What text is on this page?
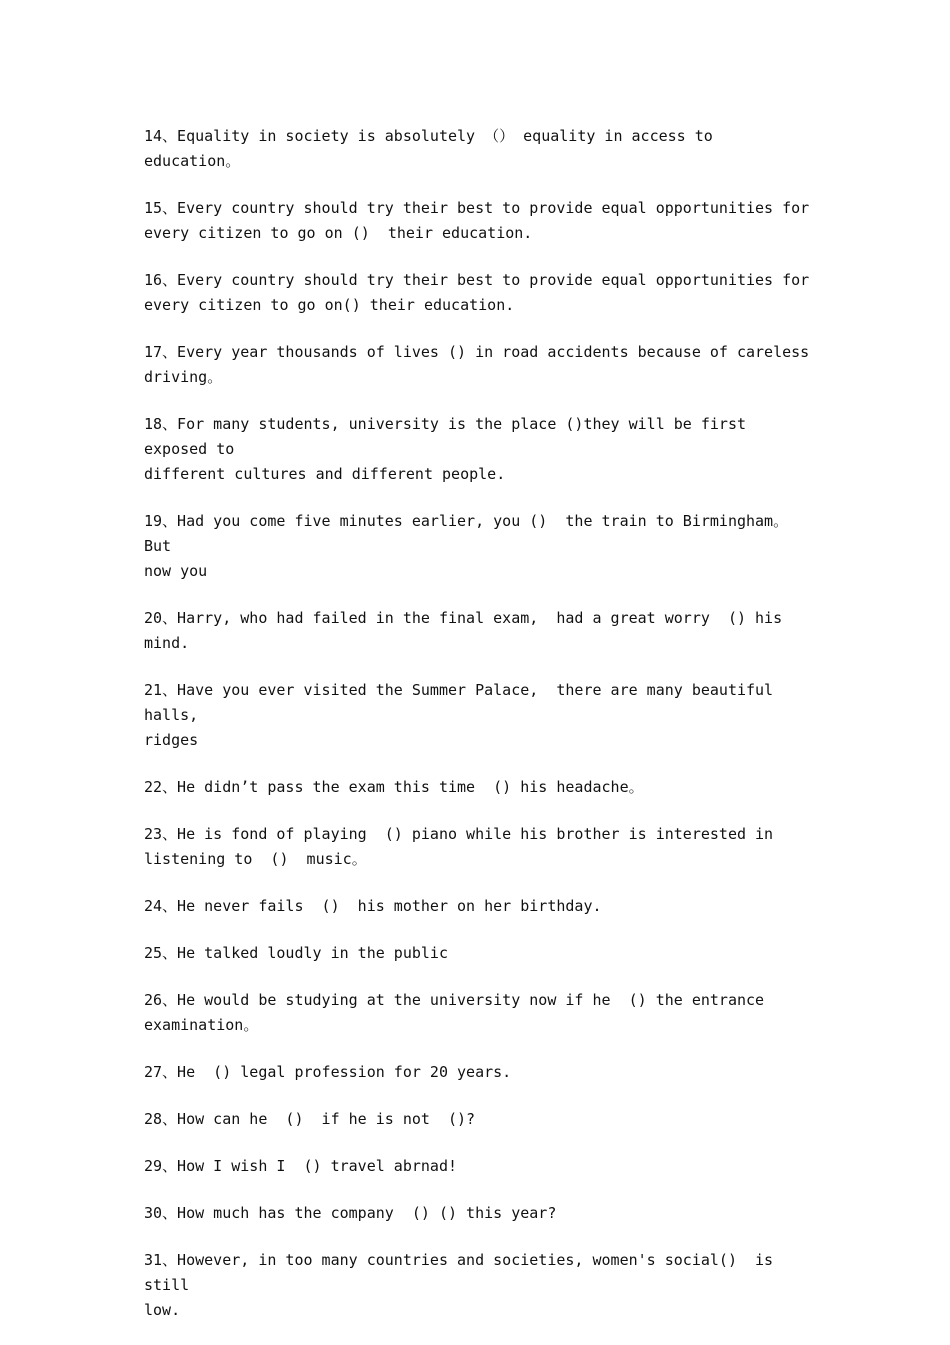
14、Equality in society is absolutely （） equality in access to education。
15、Every country should try their best to provide equal opportunities for
every citizen to go on ()  their education.
16、Every country should try their best to provide equal opportunities for
every citizen to go on() their education.
17、Every year thousands of lives () in road accidents because of careless
driving。
18、For many students, university is the place ()they will be first exposed to
different cultures and different people.
19、Had you come five minutes earlier, you ()  the train to Birmingham。 But
now you
20、Harry, who had failed in the final exam,  had a great worry  () his mind.
21、Have you ever visited the Summer Palace,  there are many beautiful halls,
ridges
22、He didn’t pass the exam this time  () his headache。
23、He is fond of playing  () piano while his brother is interested in
listening to  ()  music。
24、He never fails  ()  his mother on her birthday.
25、He talked loudly in the public
26、He would be studying at the university now if he  () the entrance
examination。
27、He  () legal profession for 20 years.
28、How can he  ()  if he is not  ()?
29、How I wish I  () travel abrnad!
30、How much has the company  () () this year?
31、However, in too many countries and societies, women's social()  is still
low.
